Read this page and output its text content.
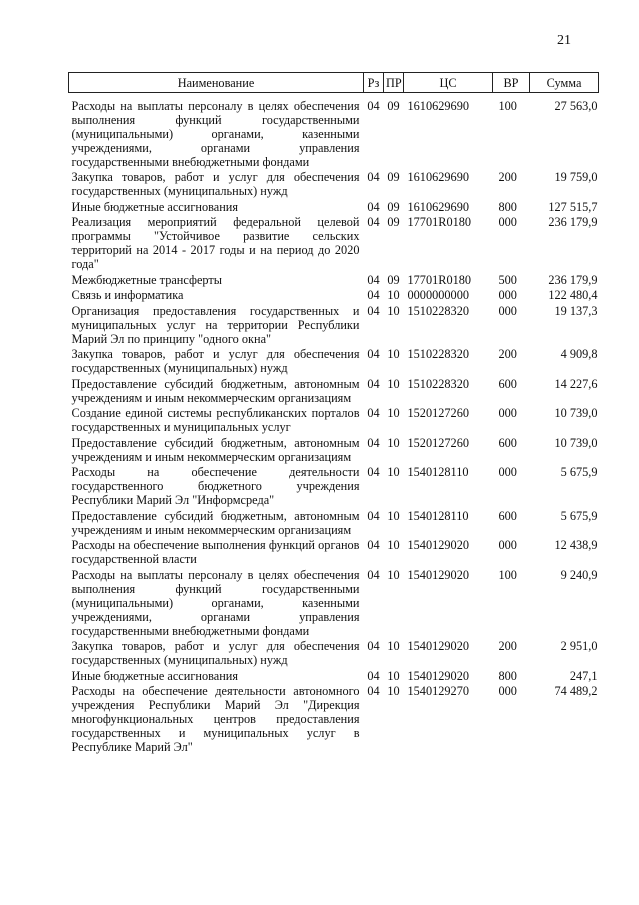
21
Наименование	Рз	ПР	ЦС	ВР	Сумма

Расходы на выплаты персоналу в целях обеспечения выполнения функций государственными (муниципальными) органами, казенными учреждениями, органами управления государственными внебюджетными фондами	04	09	1610629690	100	27 563,0
Закупка товаров, работ и услуг для обеспечения государственных (муниципальных) нужд	04	09	1610629690	200	19 759,0
Иные бюджетные ассигнования	04	09	1610629690	800	127 515,7
Реализация мероприятий федеральной целевой программы "Устойчивое развитие сельских территорий на 2014 - 2017 годы и на период до 2020 года"	04	09	17701R0180	000	236 179,9
Межбюджетные трансферты	04	09	17701R0180	500	236 179,9
Связь и информатика	04	10	0000000000	000	122 480,4
Организация предоставления государственных и муниципальных услуг на территории Республики Марий Эл по принципу "одного окна"	04	10	1510228320	000	19 137,3
Закупка товаров, работ и услуг для обеспечения государственных (муниципальных) нужд	04	10	1510228320	200	4 909,8
Предоставление субсидий бюджетным, автономным учреждениям и иным некоммерческим организациям	04	10	1510228320	600	14 227,6
Создание единой системы республиканских порталов государственных и муниципальных услуг	04	10	1520127260	000	10 739,0
Предоставление субсидий бюджетным, автономным учреждениям и иным некоммерческим организациям	04	10	1520127260	600	10 739,0
Расходы на обеспечение деятельности государственного бюджетного учреждения Республики Марий Эл "Информсреда"	04	10	1540128110	000	5 675,9
Предоставление субсидий бюджетным, автономным учреждениям и иным некоммерческим организациям	04	10	1540128110	600	5 675,9
Расходы на обеспечение выполнения функций органов государственной власти	04	10	1540129020	000	12 438,9
Расходы на выплаты персоналу в целях обеспечения выполнения функций государственными (муниципальными) органами, казенными учреждениями, органами управления государственными внебюджетными фондами	04	10	1540129020	100	9 240,9
Закупка товаров, работ и услуг для обеспечения государственных (муниципальных) нужд	04	10	1540129020	200	2 951,0
Иные бюджетные ассигнования	04	10	1540129020	800	247,1
Расходы на обеспечение деятельности автономного учреждения Республики Марий Эл "Дирекция многофункциональных центров предоставления государственных и муниципальных услуг в Республике Марий Эл"	04	10	1540129270	000	74 489,2
